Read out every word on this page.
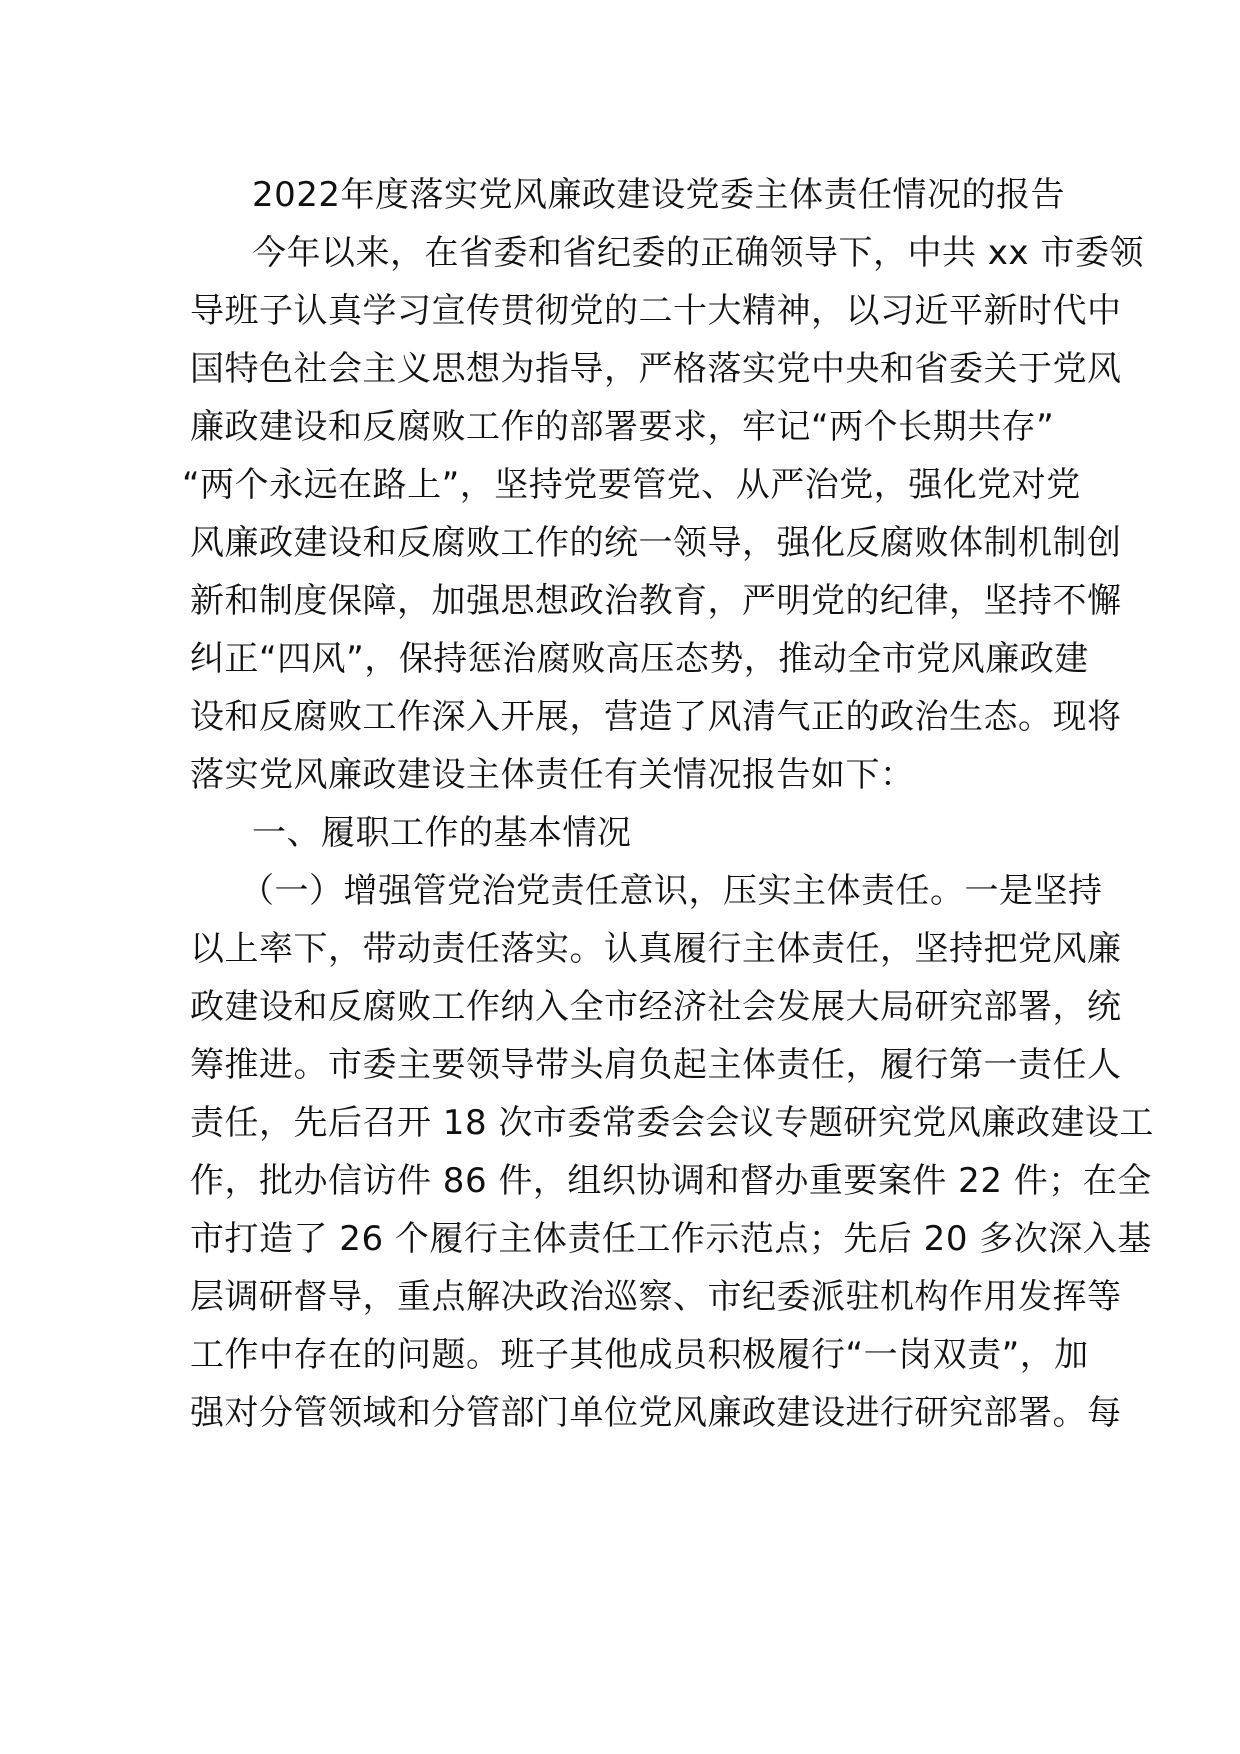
2022年度落实党风廉政建设党委主体责任情况的报告
今年以来，在省委和省纪委的正确领导下，中共 xx 市委领
导班子认真学习宣传贯彻党的二十大精神，以习近平新时代中
国特色社会主义思想为指导，严格落实党中央和省委关于党风
廉政建设和反腐败工作的部署要求，牢记“两个长期共存”
“两个永远在路上”，坚持党要管党、从严治党，强化党对党
风廉政建设和反腐败工作的统一领导，强化反腐败体制机制创
新和制度保障，加强思想政治教育，严明党的纪律，坚持不懈
纠正“四风”，保持惩治腐败高压态势，推动全市党风廉政建
设和反腐败工作深入开展，营造了风清气正的政治生态。现将
落实党风廉政建设主体责任有关情况报告如下：
一、履职工作的基本情况
（一）增强管党治党责任意识，压实主体责任。一是坚持
以上率下，带动责任落实。认真履行主体责任，坚持把党风廉
政建设和反腐败工作纳入全市经济社会发展大局研究部署，统
筹推进。市委主要领导带头肩负起主体责任，履行第一责任人
责任，先后召开 18 次市委常委会会议专题研究党风廉政建设工
作，批办信访件 86 件，组织协调和督办重要案件 22 件；在全
市打造了 26 个履行主体责任工作示范点；先后 20 多次深入基
层调研督导，重点解决政治巡察、市纪委派驻机构作用发挥等
工作中存在的问题。班子其他成员积极履行“一岗双责”，加
强对分管领域和分管部门单位党风廉政建设进行研究部署。每
